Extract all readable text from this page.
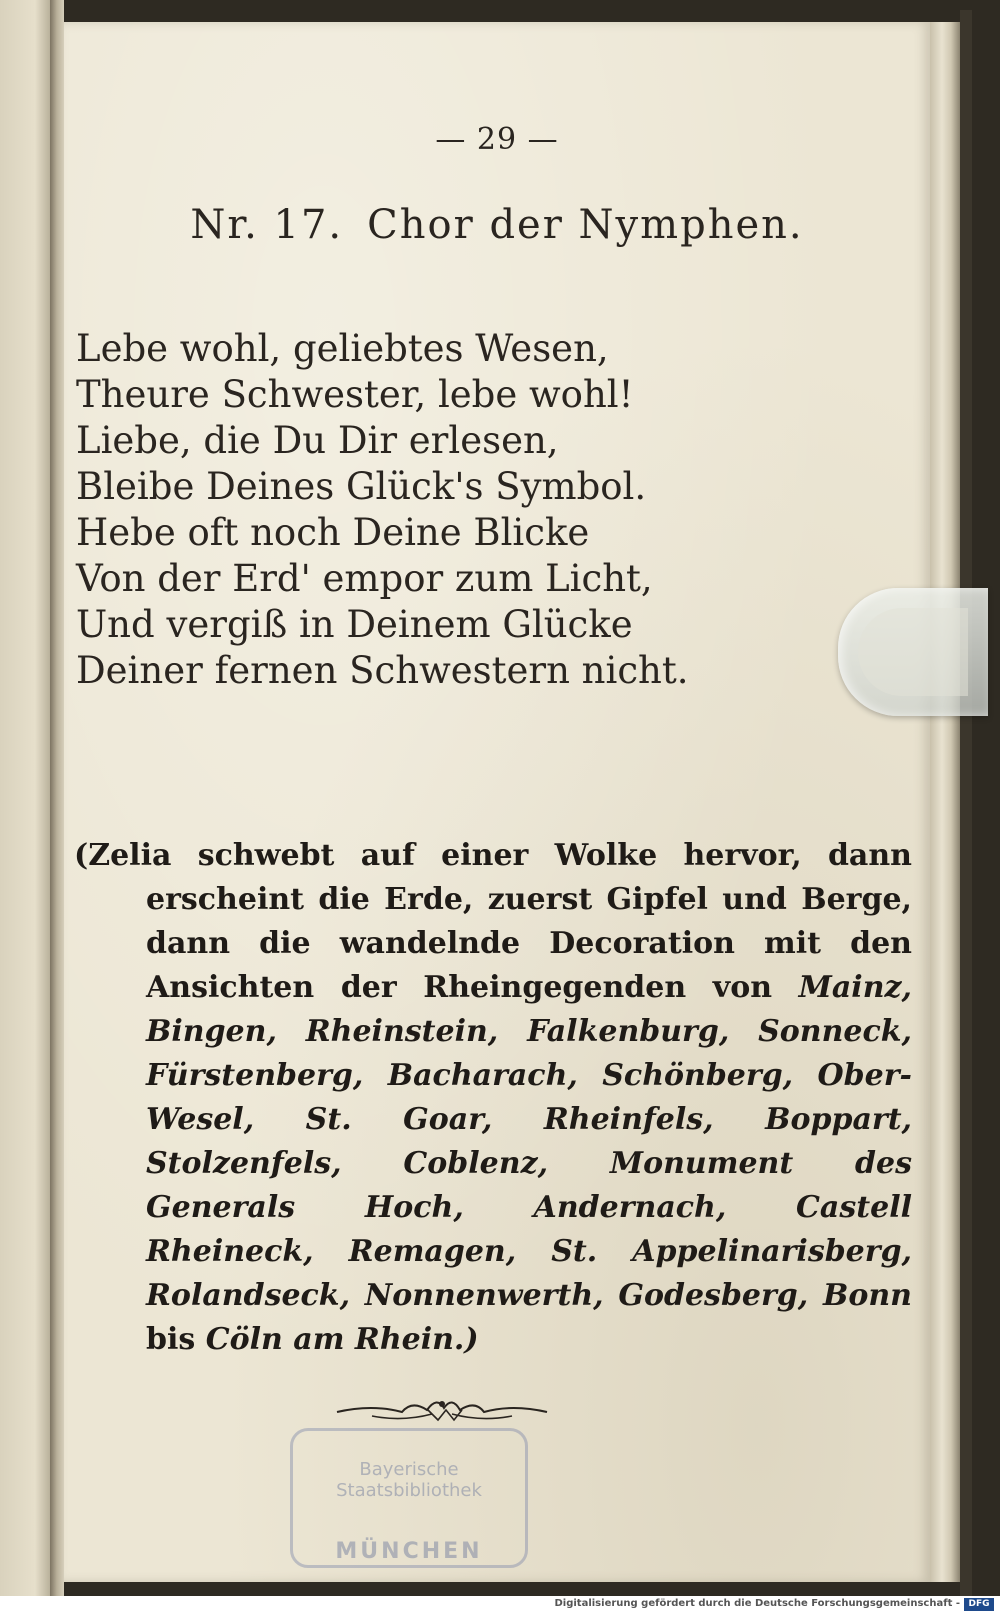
— 29 —
Nr. 17. Chor der Nymphen.
Lebe wohl, geliebtes Wesen,
Theure Schwester, lebe wohl!
Liebe, die Du Dir erlesen,
Bleibe Deines Glück's Symbol.
Hebe oft noch Deine Blicke
Von der Erd' empor zum Licht,
Und vergiß in Deinem Glücke
Deiner fernen Schwestern nicht.
(Zelia schwebt auf einer Wolke hervor, dann erscheint die Erde, zuerst Gipfel und Berge, dann die wandelnde Decoration mit den Ansichten der Rheingegenden von Mainz, Bingen, Rheinstein, Falkenburg, Sonneck, Fürstenberg, Bacharach, Schönberg, Ober-Wesel, St. Goar, Rheinfels, Boppart, Stolzenfels, Coblenz, Monument des Generals Hoch, Andernach, Castell Rheineck, Remagen, St. Appelinarisberg, Rolandseck, Nonnenwerth, Godesberg, Bonn bis Cöln am Rhein.)
Bayerische Staatsbibliothek
MÜNCHEN
Digitalisierung gefördert durch die Deutsche Forschungsgemeinschaft - DFG
